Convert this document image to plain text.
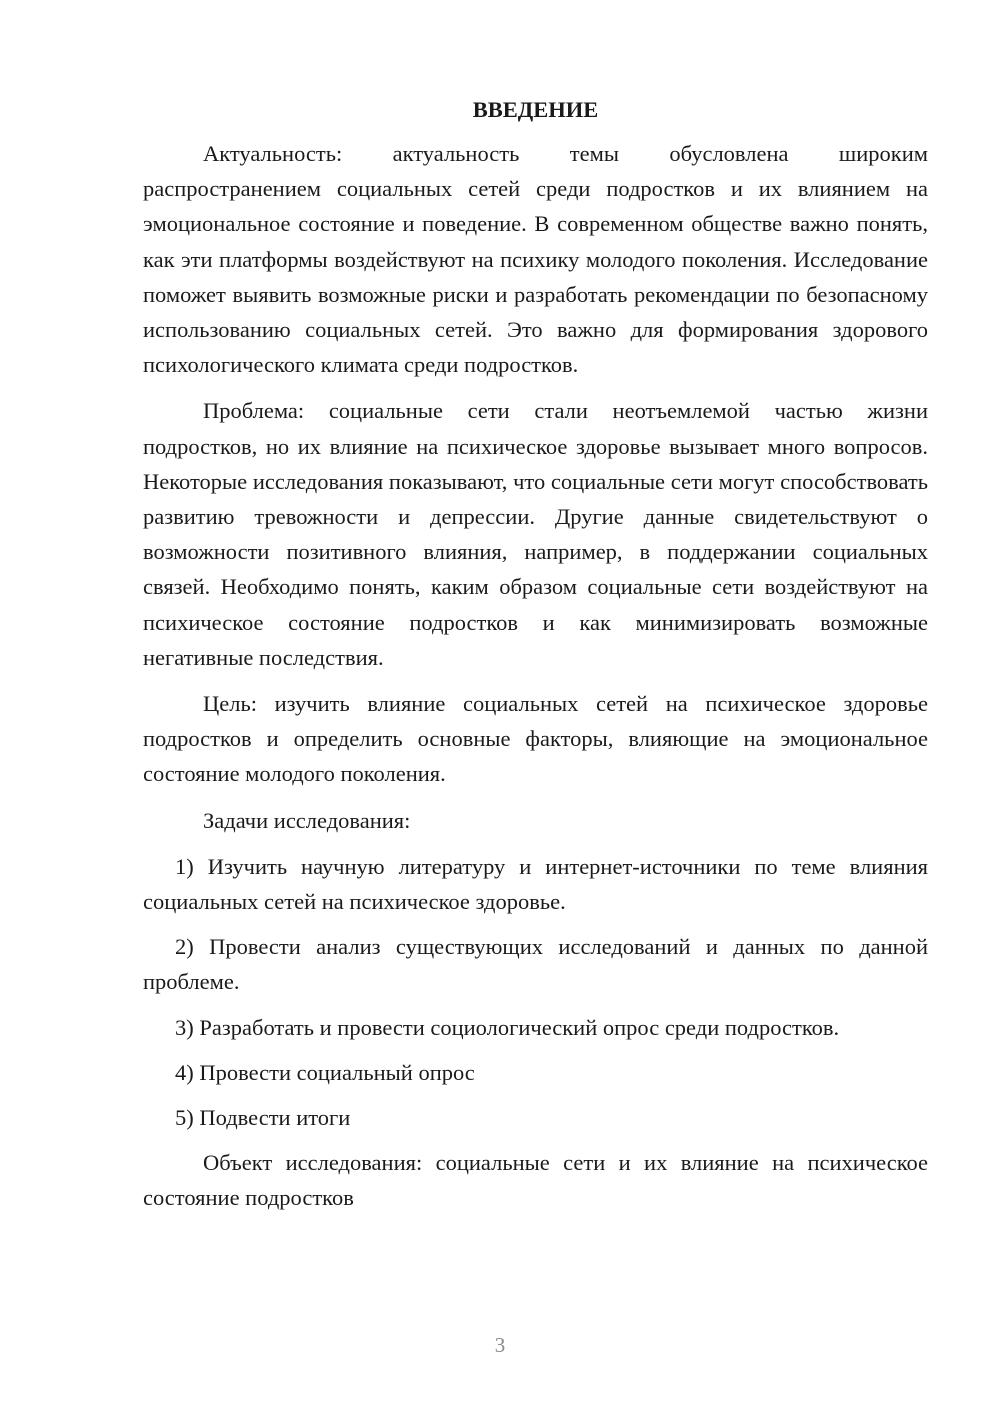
ВВЕДЕНИЕ

Актуальность: актуальность темы обусловлена широким распространением социальных сетей среди подростков и их влиянием на эмоциональное состояние и поведение. В современном обществе важно понять, как эти платформы воздействуют на психику молодого поколения. Исследование поможет выявить возможные риски и разработать рекомендации по безопасному использованию социальных сетей. Это важно для формирования здорового психологического климата среди подростков.

Проблема: социальные сети стали неотъемлемой частью жизни подростков, но их влияние на психическое здоровье вызывает много вопросов. Некоторые исследования показывают, что социальные сети могут способствовать развитию тревожности и депрессии. Другие данные свидетельствуют о возможности позитивного влияния, например, в поддержании социальных связей. Необходимо понять, каким образом социальные сети воздействуют на психическое состояние подростков и как минимизировать возможные негативные последствия.

Цель: изучить влияние социальных сетей на психическое здоровье подростков и определить основные факторы, влияющие на эмоциональное состояние молодого поколения.

Задачи исследования:

1) Изучить научную литературу и интернет-источники по теме влияния социальных сетей на психическое здоровье.

2) Провести анализ существующих исследований и данных по данной проблеме.

3) Разработать и провести социологический опрос среди подростков.

4) Провести социальный опрос

5) Подвести итоги

Объект исследования: социальные сети и их влияние на психическое состояние подростков

3
